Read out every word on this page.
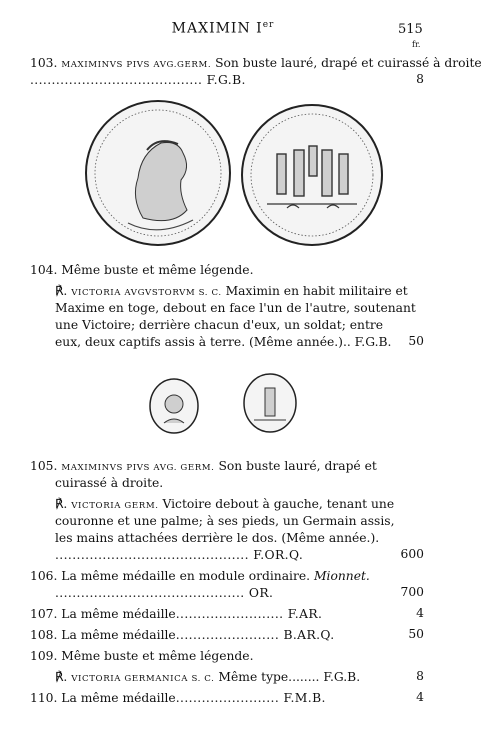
MAXIMIN Ier	515
fr.
103. MAXIMINVS PIVS AVG.GERM. Son buste lauré, drapé et cuirassé à droite
........................................ F.G.B.	8
104. Même buste et même légende.
℟. VICTORIA AVGVSTORVM S. C. Maximin en habit militaire et
Maxime en toge, debout en face l'un de l'autre, soutenant
une Victoire; derrière chacun d'eux, un soldat; entre
eux, deux captifs assis à terre. (Même année.).. F.G.B. 50
105. MAXIMINVS PIVS AVG. GERM. Son buste lauré, drapé et
cuirassé à droite.
℟. VICTORIA GERM. Victoire debout à gauche, tenant une
couronne et une palme; à ses pieds, un Germain assis,
les mains attachées derrière le dos. (Même année.).
............................................. F.OR.Q.	600
106. La même médaille en module ordinaire. Mionnet.
............................................ OR.	700
107. La même médaille......................... F.AR.	4
108. La même médaille........................ B.AR.Q.	50
109. Même buste et même légende.
℟. VICTORIA GERMANICA S. C. Même type........ F.G.B.	8
110. La même médaille........................ F.M.B.	4
